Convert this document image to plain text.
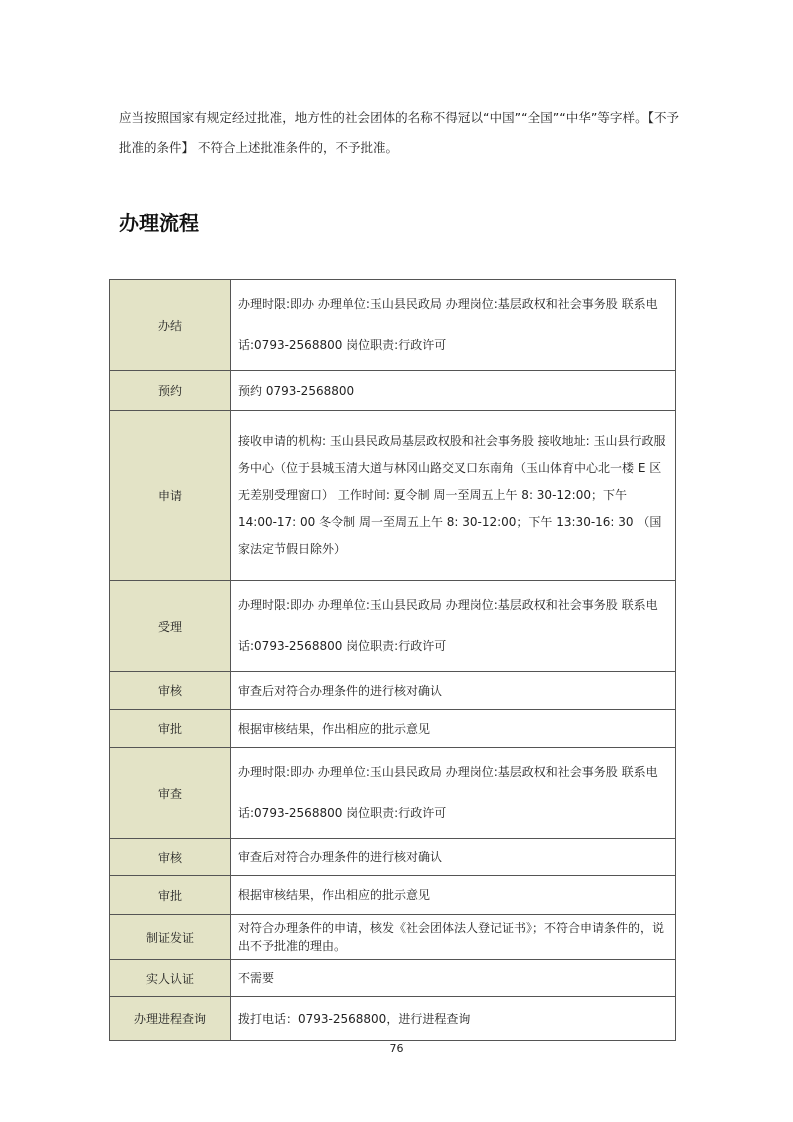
应当按照国家有规定经过批准，地方性的社会团体的名称不得冠以“中国”“全国”“中华”等字样。【不予批准的条件】 不符合上述批准条件的，不予批准。

办理流程
办结	办理时限:即办 办理单位:玉山县民政局 办理岗位:基层政权和社会事务股 联系电话:0793-2568800 岗位职责:行政许可
预约	预约 0793-2568800
申请	接收申请的机构: 玉山县民政局基层政权股和社会事务股 接收地址: 玉山县行政服务中心（位于县城玉清大道与林冈山路交叉口东南角（玉山体育中心北一楼 E 区无差别受理窗口） 工作时间: 夏令制 周一至周五上午 8: 30-12:00；下午 14:00-17: 00 冬令制 周一至周五上午 8: 30-12:00；下午 13:30-16: 30 （国家法定节假日除外）
受理	办理时限:即办 办理单位:玉山县民政局 办理岗位:基层政权和社会事务股 联系电话:0793-2568800 岗位职责:行政许可
审核	审查后对符合办理条件的进行核对确认
审批	根据审核结果，作出相应的批示意见
审查	办理时限:即办 办理单位:玉山县民政局 办理岗位:基层政权和社会事务股 联系电话:0793-2568800 岗位职责:行政许可
审核	审查后对符合办理条件的进行核对确认
审批	根据审核结果，作出相应的批示意见
制证发证	对符合办理条件的申请，核发《社会团体法人登记证书》；不符合申请条件的，说出不予批准的理由。
实人认证	不需要
办理进程查询	拨打电话：0793-2568800，进行进程查询

76
